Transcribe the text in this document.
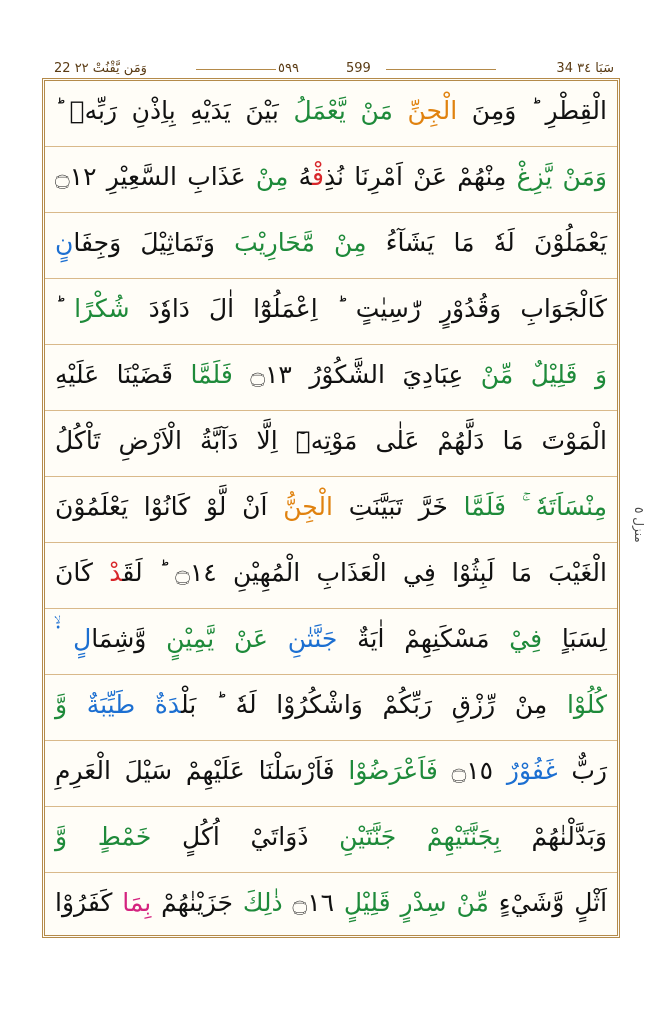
22 وَمَن يَّقْنُتْ ٢٢	٥٩٩	599	34 سَبَا ٣٤
منزل ٥
الْقِطْرِ ؕ وَمِنَ الْجِنِّ مَنْ يَّعْمَلُ بَيْنَ يَدَيْهِ بِاِذْنِ رَبِّهٖ ؕ
وَمَنْ يَّزِغْ مِنْهُمْ عَنْ اَمْرِنَا نُذِقْهُ مِنْ عَذَابِ السَّعِيْرِ ۝١٢
يَعْمَلُوْنَ لَهٗ مَا يَشَآءُ مِنْ مَّحَارِيْبَ وَتَمَاثِيْلَ وَجِفَانٍ
كَالْجَوَابِ وَقُدُوْرٍ رّٰسِيٰتٍ ؕ اِعْمَلُوْٓا اٰلَ دَاوٗدَ شُكْرًا ؕ
وَ قَلِيْلٌ مِّنْ عِبَادِيَ الشَّكُوْرُ ۝١٣ فَلَمَّا قَضَيْنَا عَلَيْهِ
الْمَوْتَ مَا دَلَّهُمْ عَلٰى مَوْتِهٖٓ اِلَّا دَآبَّةُ الْاَرْضِ تَاْكُلُ
مِنْسَاَتَهٗ ۚ فَلَمَّا خَرَّ تَبَيَّنَتِ الْجِنُّ اَنْ لَّوْ كَانُوْا يَعْلَمُوْنَ
الْغَيْبَ مَا لَبِثُوْا فِي الْعَذَابِ الْمُهِيْنِ ۝١٤ ؕ لَقَدْ كَانَ
لِسَبَاٍ فِيْ مَسْكَنِهِمْ اٰيَةٌ جَنَّتٰنِ عَنْ يَّمِيْنٍ وَّشِمَالٍ ۬ۙ
كُلُوْا مِنْ رِّزْقِ رَبِّكُمْ وَاشْكُرُوْا لَهٗ ؕ بَلْدَةٌ طَيِّبَةٌ وَّ
رَبٌّ غَفُوْرٌ ۝١٥ فَاَعْرَضُوْا فَاَرْسَلْنَا عَلَيْهِمْ سَيْلَ الْعَرِمِ
وَبَدَّلْنٰهُمْ بِجَنَّتَيْهِمْ جَنَّتَيْنِ ذَوَاتَيْ اُكُلٍ خَمْطٍ وَّ
اَثْلٍ وَّشَيْءٍ مِّنْ سِدْرٍ قَلِيْلٍ ۝١٦ ذٰلِكَ جَزَيْنٰهُمْ بِمَا كَفَرُوْا
